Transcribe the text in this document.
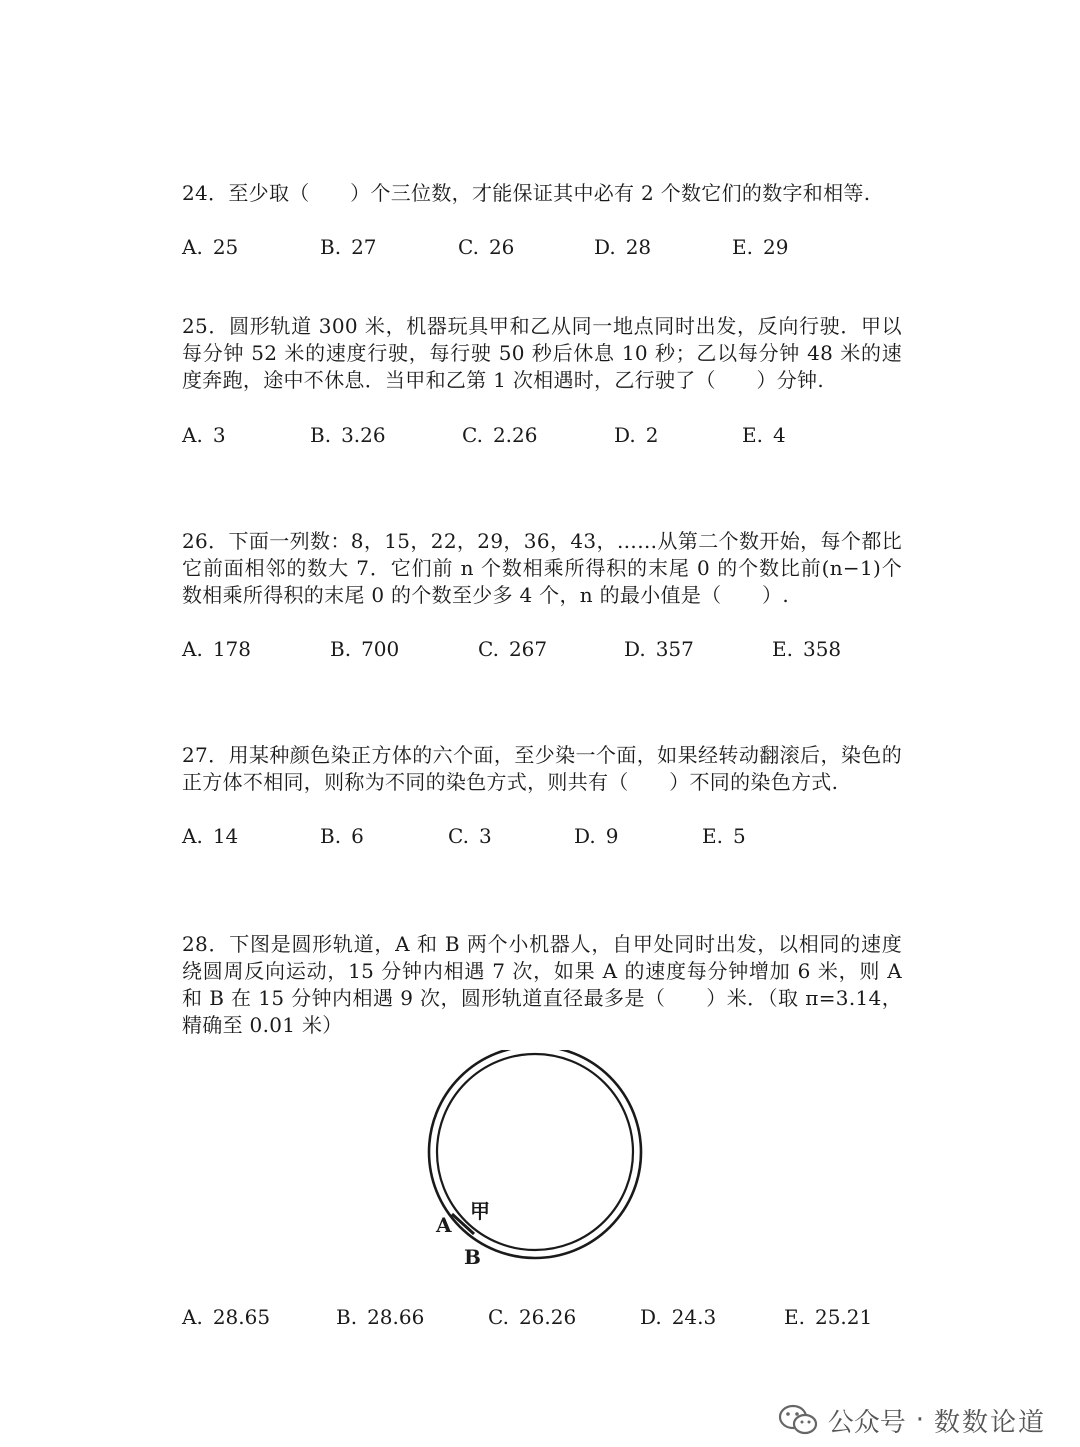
24．至少取（　　）个三位数，才能保证其中必有 2 个数它们的数字和相等.

A. 25	B. 27	C. 26	D. 28	E. 29

25．圆形轨道 300 米，机器玩具甲和乙从同一地点同时出发，反向行驶．甲以每分钟 52 米的速度行驶，每行驶 50 秒后休息 10 秒；乙以每分钟 48 米的速度奔跑，途中不休息．当甲和乙第 1 次相遇时，乙行驶了（　　）分钟.

A. 3	B. 3.26	C. 2.26	D. 2	E. 4

26．下面一列数：8，15，22，29，36，43，……从第二个数开始，每个都比它前面相邻的数大 7．它们前 n 个数相乘所得积的末尾 0 的个数比前(n−1)个数相乘所得积的末尾 0 的个数至少多 4 个，n 的最小值是（　　）.

A. 178	B. 700	C. 267	D. 357	E. 358

27．用某种颜色染正方体的六个面，至少染一个面，如果经转动翻滚后，染色的正方体不相同，则称为不同的染色方式，则共有（　　）不同的染色方式.

A. 14	B. 6	C. 3	D. 9	E. 5

28．下图是圆形轨道，A 和 B 两个小机器人，自甲处同时出发，以相同的速度绕圆周反向运动，15 分钟内相遇 7 次，如果 A 的速度每分钟增加 6 米，则 A 和 B 在 15 分钟内相遇 9 次，圆形轨道直径最多是（　　）米．（取 π=3.14，精确至 0.01 米）

A
甲
B
A. 28.65	B. 28.66	C. 26.26	D. 24.3	E. 25.21
公众号 · 数数论道
